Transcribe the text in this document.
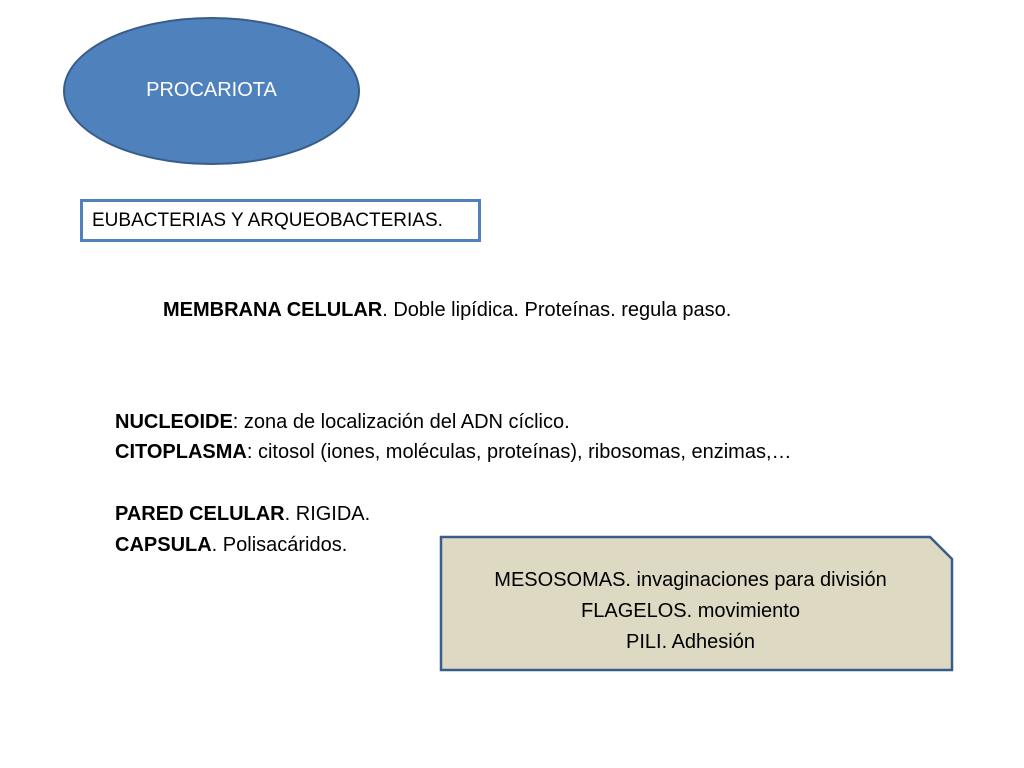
PROCARIOTA
EUBACTERIAS Y ARQUEOBACTERIAS.
MEMBRANA CELULAR. Doble lipídica. Proteínas. regula paso.
NUCLEOIDE: zona de localización del ADN cíclico.
CITOPLASMA: citosol (iones, moléculas, proteínas), ribosomas, enzimas,…
PARED CELULAR. RIGIDA.
CAPSULA. Polisacáridos.
MESOSOMAS. invaginaciones para división
FLAGELOS. movimiento
PILI. Adhesión
